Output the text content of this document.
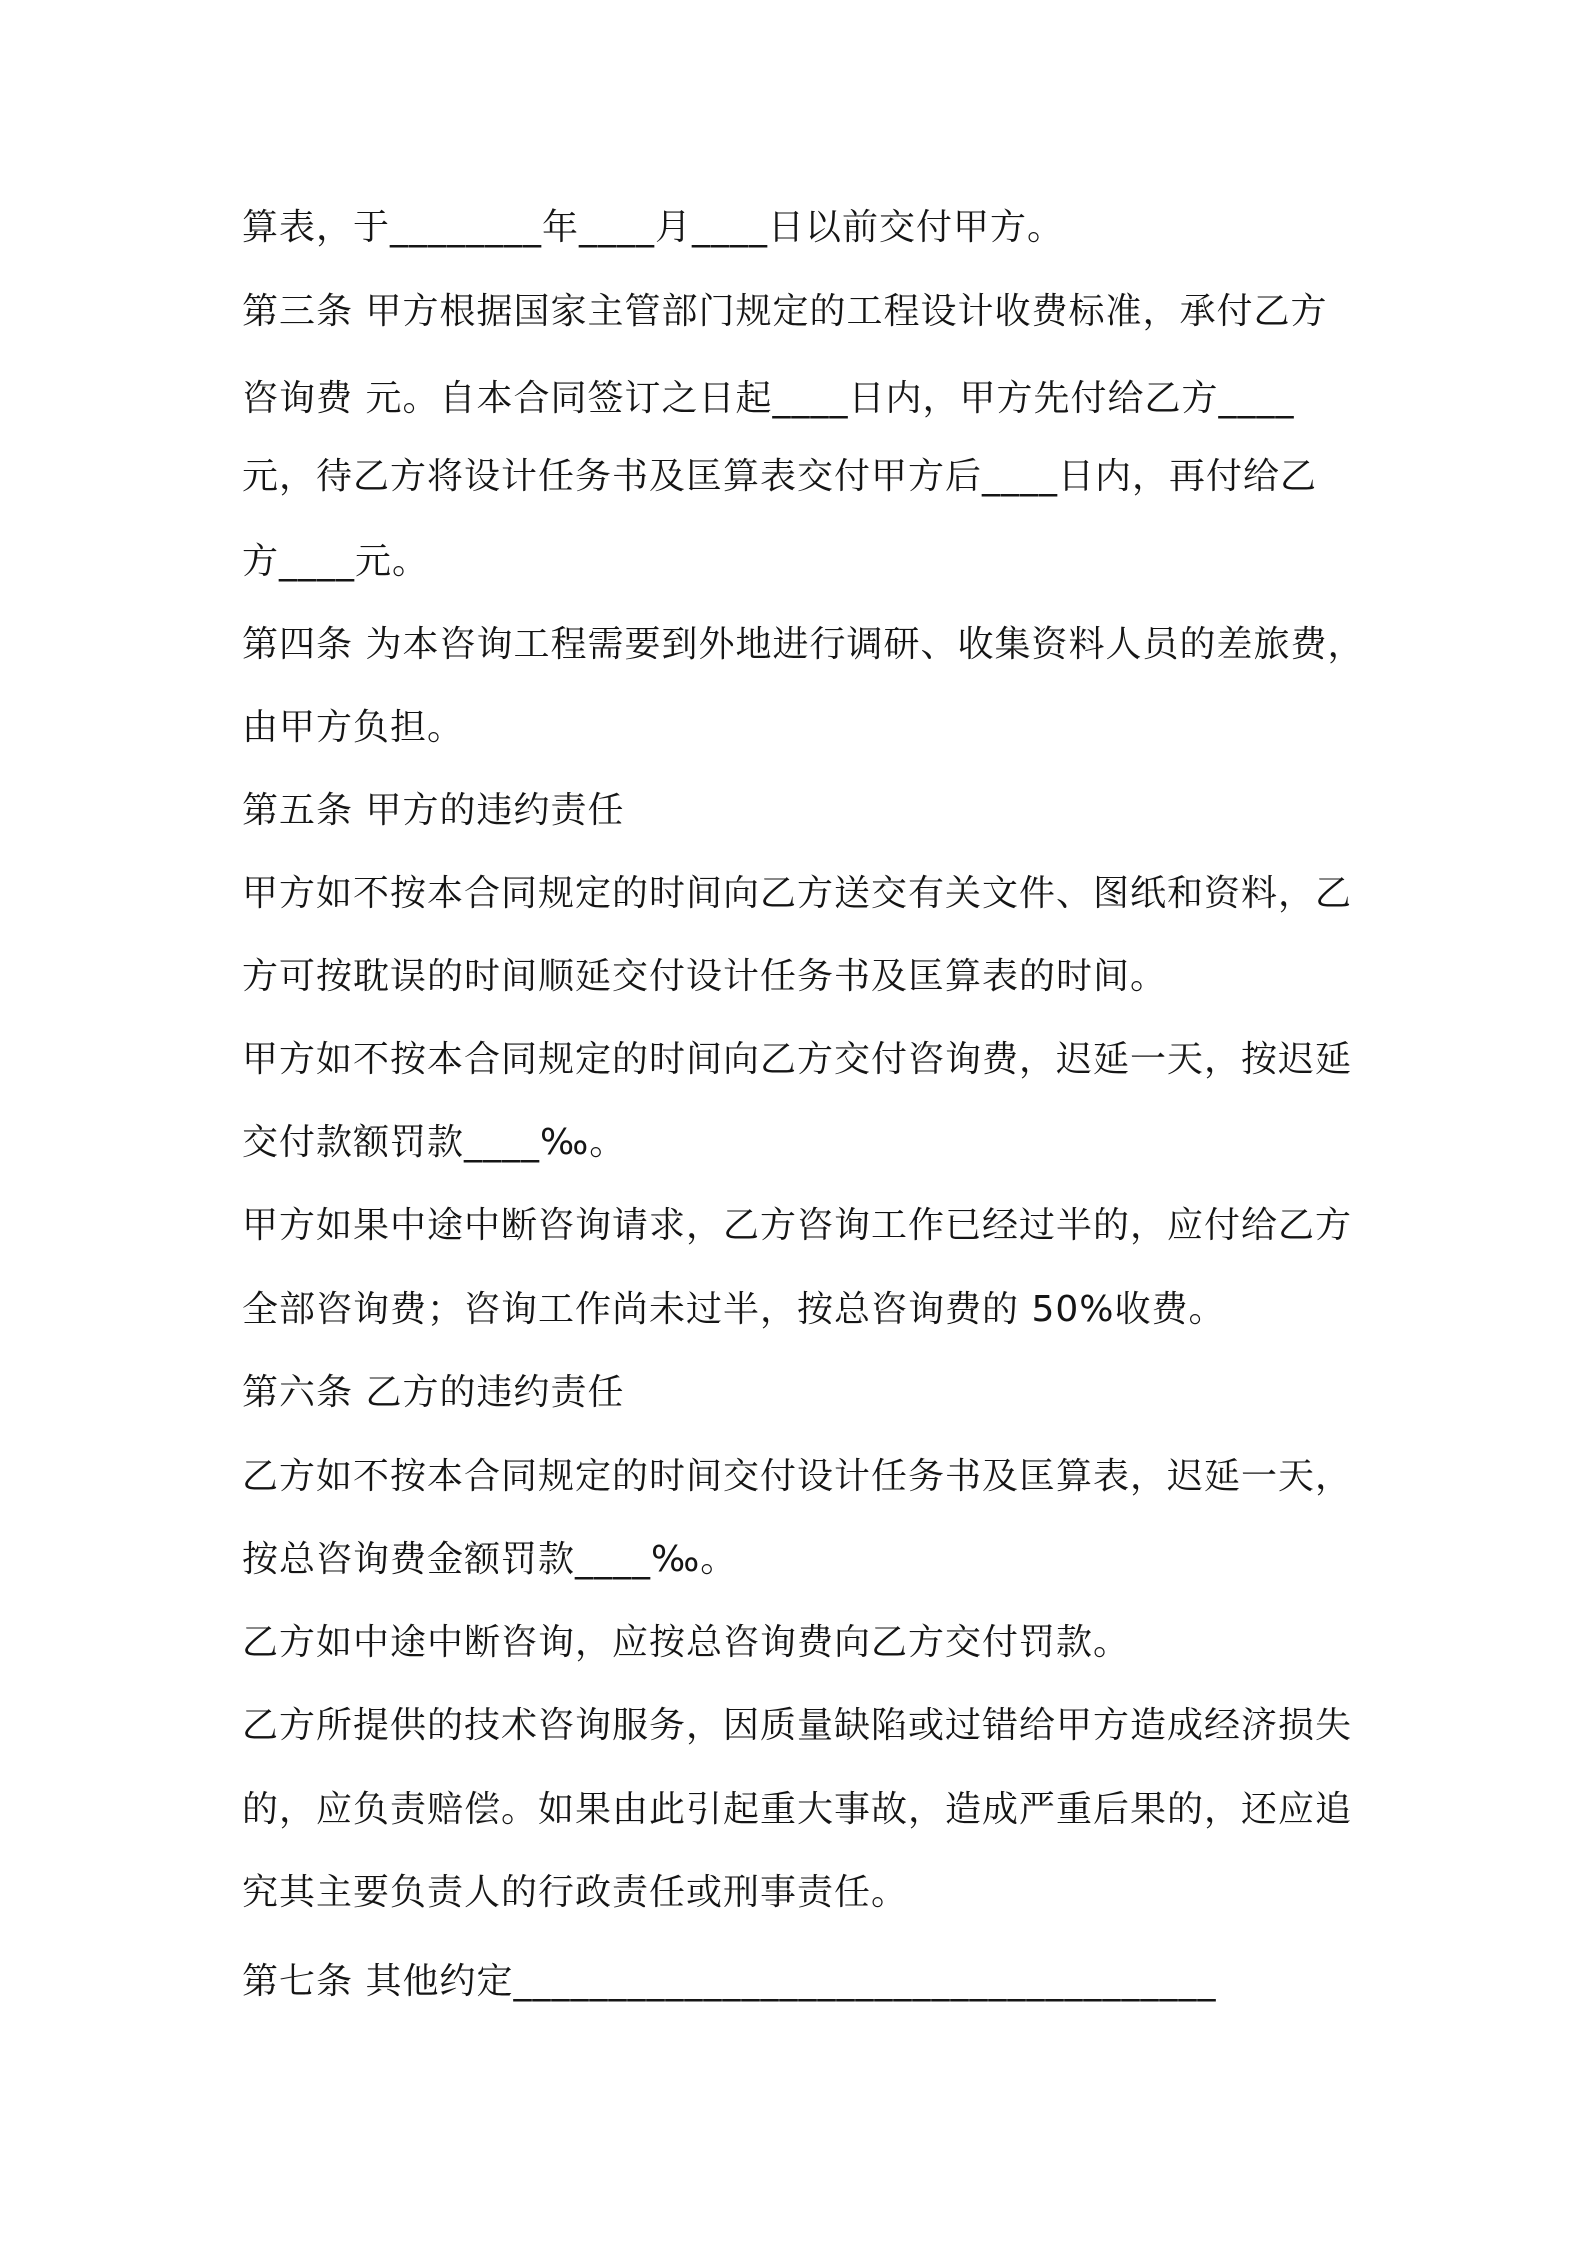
算表，于________年____月____日以前交付甲方。

第三条 甲方根据国家主管部门规定的工程设计收费标准，承付乙方

咨询费 元。自本合同签订之日起____日内，甲方先付给乙方____

元，待乙方将设计任务书及匡算表交付甲方后____日内，再付给乙

方____元。

第四条 为本咨询工程需要到外地进行调研、收集资料人员的差旅费，

由甲方负担。

第五条 甲方的违约责任

甲方如不按本合同规定的时间向乙方送交有关文件、图纸和资料，乙

方可按耽误的时间顺延交付设计任务书及匡算表的时间。

甲方如不按本合同规定的时间向乙方交付咨询费，迟延一天，按迟延

交付款额罚款____‰。

甲方如果中途中断咨询请求，乙方咨询工作已经过半的，应付给乙方

全部咨询费；咨询工作尚未过半，按总咨询费的 50%收费。

第六条 乙方的违约责任

乙方如不按本合同规定的时间交付设计任务书及匡算表，迟延一天，

按总咨询费金额罚款____‰。

乙方如中途中断咨询，应按总咨询费向乙方交付罚款。

乙方所提供的技术咨询服务，因质量缺陷或过错给甲方造成经济损失

的，应负责赔偿。如果由此引起重大事故，造成严重后果的，还应追

究其主要负责人的行政责任或刑事责任。

第七条 其他约定_____________________________________
